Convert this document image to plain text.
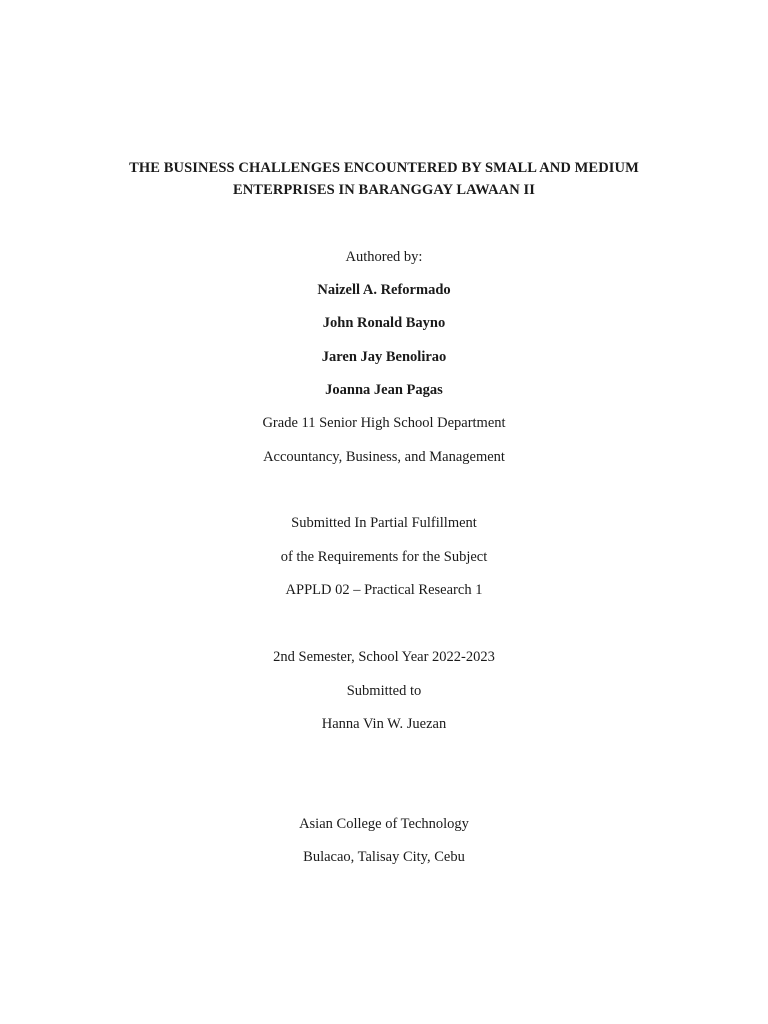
THE BUSINESS CHALLENGES ENCOUNTERED BY SMALL AND MEDIUM
ENTERPRISES IN BARANGGAY LAWAAN II
Authored by:
Naizell A. Reformado
John Ronald Bayno
Jaren Jay Benolirao
Joanna Jean Pagas
Grade 11 Senior High School Department
Accountancy, Business, and Management
Submitted In Partial Fulfillment
of the Requirements for the Subject
APPLD 02 – Practical Research 1
2nd Semester, School Year 2022-2023
Submitted to
Hanna Vin W. Juezan
Asian College of Technology
Bulacao, Talisay City, Cebu
